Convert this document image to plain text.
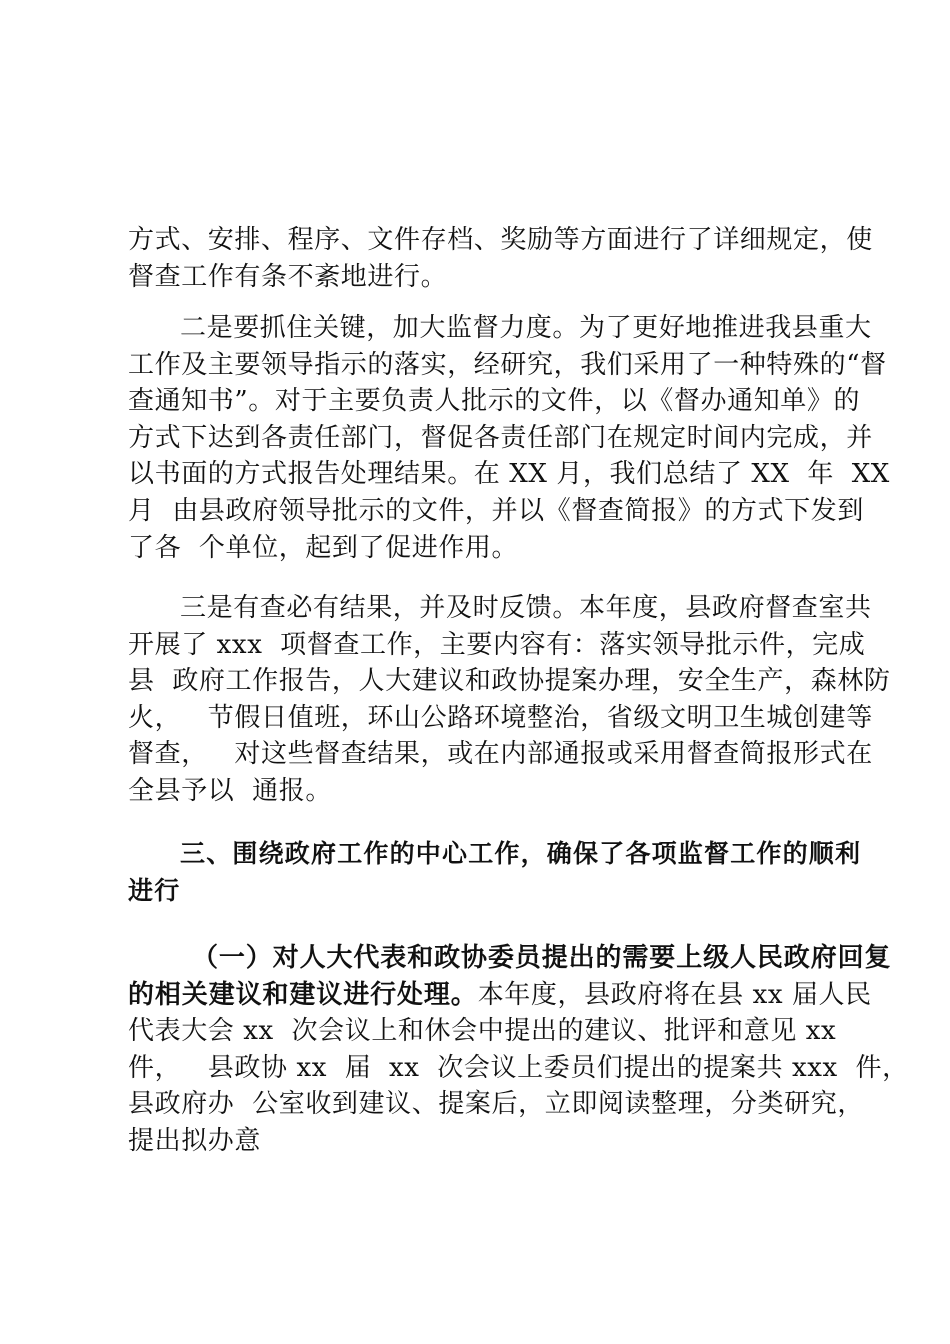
方式、安排、程序、文件存档、奖励等方面进行了详细规定，使
督查工作有条不紊地进行。
二是要抓住关键，加大监督力度。为了更好地推进我县重大
工作及主要领导指示的落实，经研究，我们采用了一种特殊的“督
查通知书”。对于主要负责人批示的文件，以《督办通知单》的
方式下达到各责任部门，督促各责任部门在规定时间内完成，并
以书面的方式报告处理结果。在 XX 月，我们总结了 XX  年  XX
月  由县政府领导批示的文件，并以《督查简报》的方式下发到
了各  个单位，起到了促进作用。
三是有查必有结果，并及时反馈。本年度，县政府督查室共
开展了 xxx  项督查工作，主要内容有：落实领导批示件，完成
县  政府工作报告，人大建议和政协提案办理，安全生产，森林防
火，   节假日值班，环山公路环境整治，省级文明卫生城创建等
督查，   对这些督查结果，或在内部通报或采用督查简报形式在
全县予以  通报。
三、围绕政府工作的中心工作，确保了各项监督工作的顺利
进行
（一）对人大代表和政协委员提出的需要上级人民政府回复
的相关建议和建议进行处理。本年度，县政府将在县 xx 届人民
代表大会 xx  次会议上和休会中提出的建议、批评和意见 xx
件，   县政协 xx  届  xx  次会议上委员们提出的提案共 xxx  件，
县政府办  公室收到建议、提案后，立即阅读整理，分类研究，
提出拟办意
